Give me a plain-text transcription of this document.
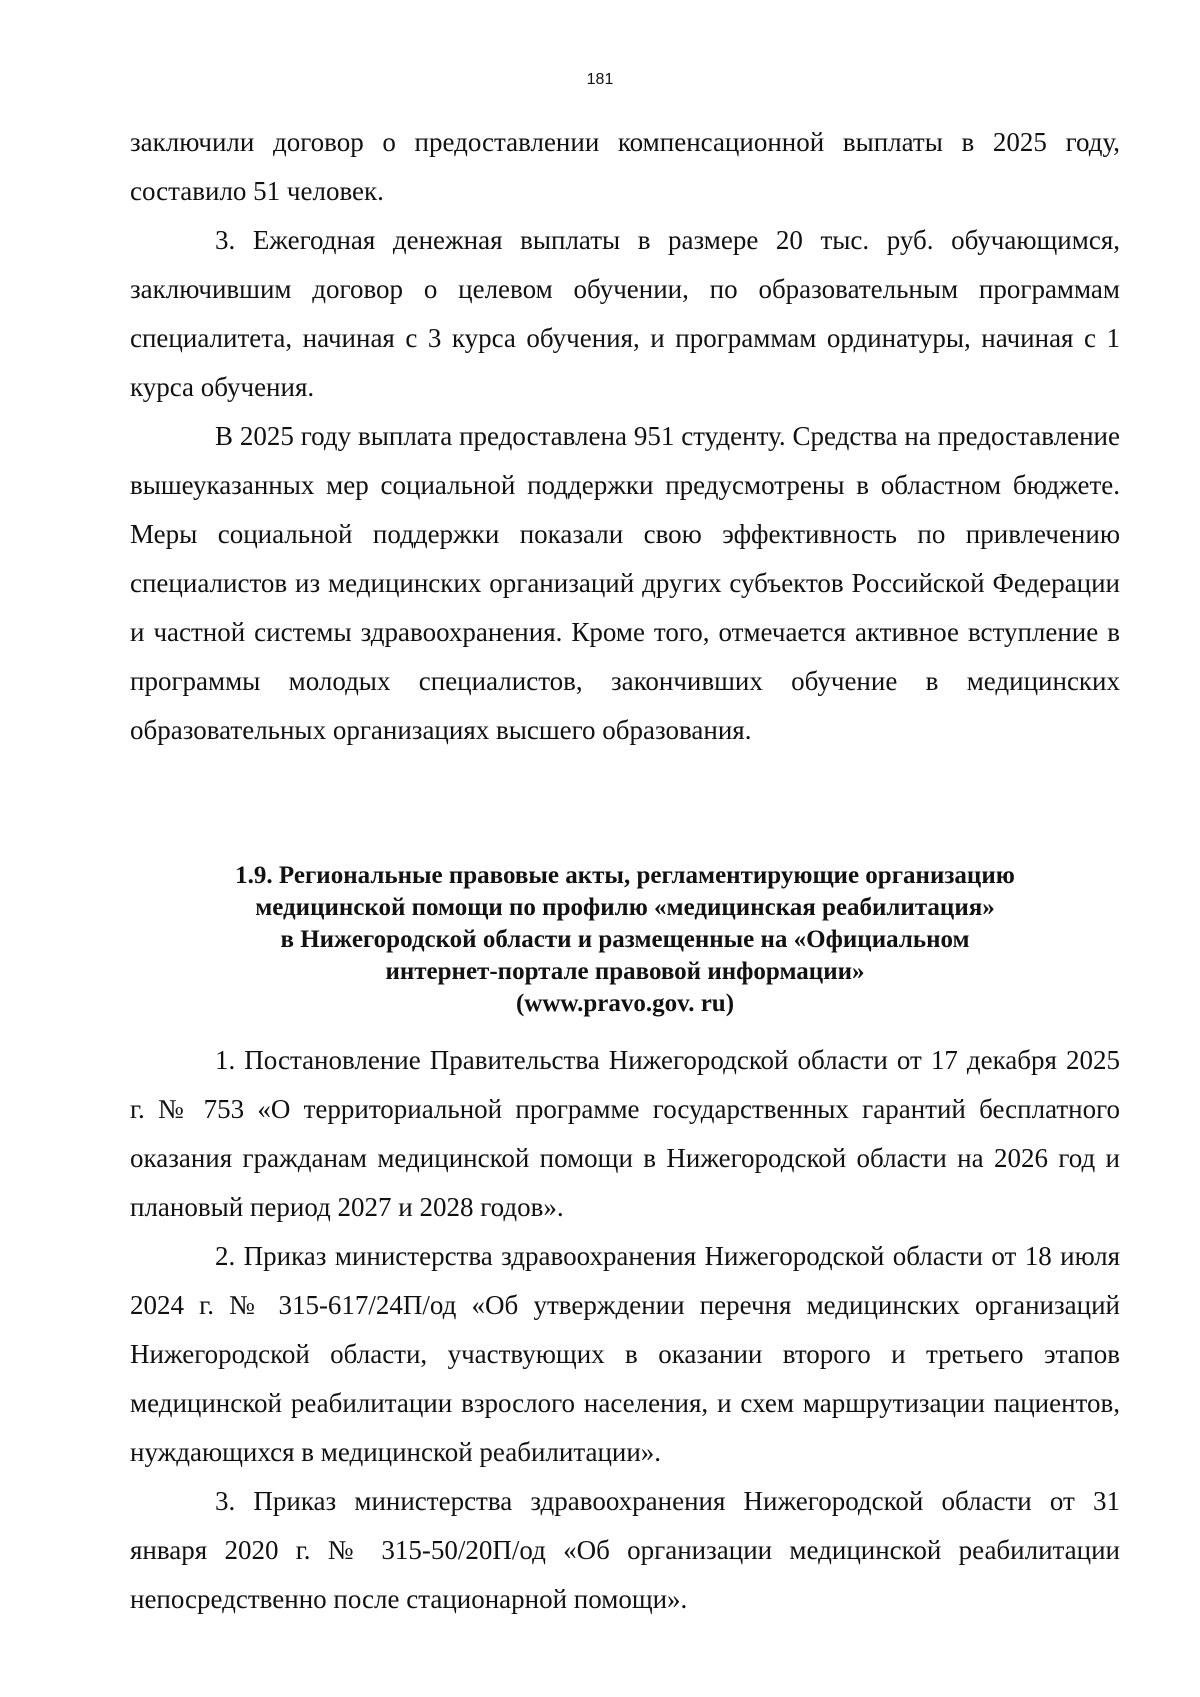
181

заключили договор о предоставлении компенсационной выплаты в 2025 году, составило 51 человек.

3. Ежегодная денежная выплаты в размере 20 тыс. руб. обучающимся, заключившим договор о целевом обучении, по образовательным программам специалитета, начиная с 3 курса обучения, и программам ординатуры, начиная с 1 курса обучения.

В 2025 году выплата предоставлена 951 студенту. Средства на предоставление вышеуказанных мер социальной поддержки предусмотрены в областном бюджете. Меры социальной поддержки показали свою эффективность по привлечению специалистов из медицинских организаций других субъектов Российской Федерации и частной системы здравоохранения. Кроме того, отмечается активное вступление в программы молодых специалистов, закончивших обучение в медицинских образовательных организациях высшего образования.

1.9. Региональные правовые акты, регламентирующие организацию
медицинской помощи по профилю «медицинская реабилитация»
в Нижегородской области и размещенные на «Официальном
интернет-портале правовой информации»
(www.pravo.gov. ru)

1. Постановление Правительства Нижегородской области от 17 декабря 2025 г. № 753 «О территориальной программе государственных гарантий бесплатного оказания гражданам медицинской помощи в Нижегородской области на 2026 год и плановый период 2027 и 2028 годов».

2. Приказ министерства здравоохранения Нижегородской области от 18 июля 2024 г. № 315-617/24П/од «Об утверждении перечня медицинских организаций Нижегородской области, участвующих в оказании второго и третьего этапов медицинской реабилитации взрослого населения, и схем маршрутизации пациентов, нуждающихся в медицинской реабилитации».

3. Приказ министерства здравоохранения Нижегородской области от 31 января 2020 г. № 315-50/20П/од «Об организации медицинской реабилитации непосредственно после стационарной помощи».
